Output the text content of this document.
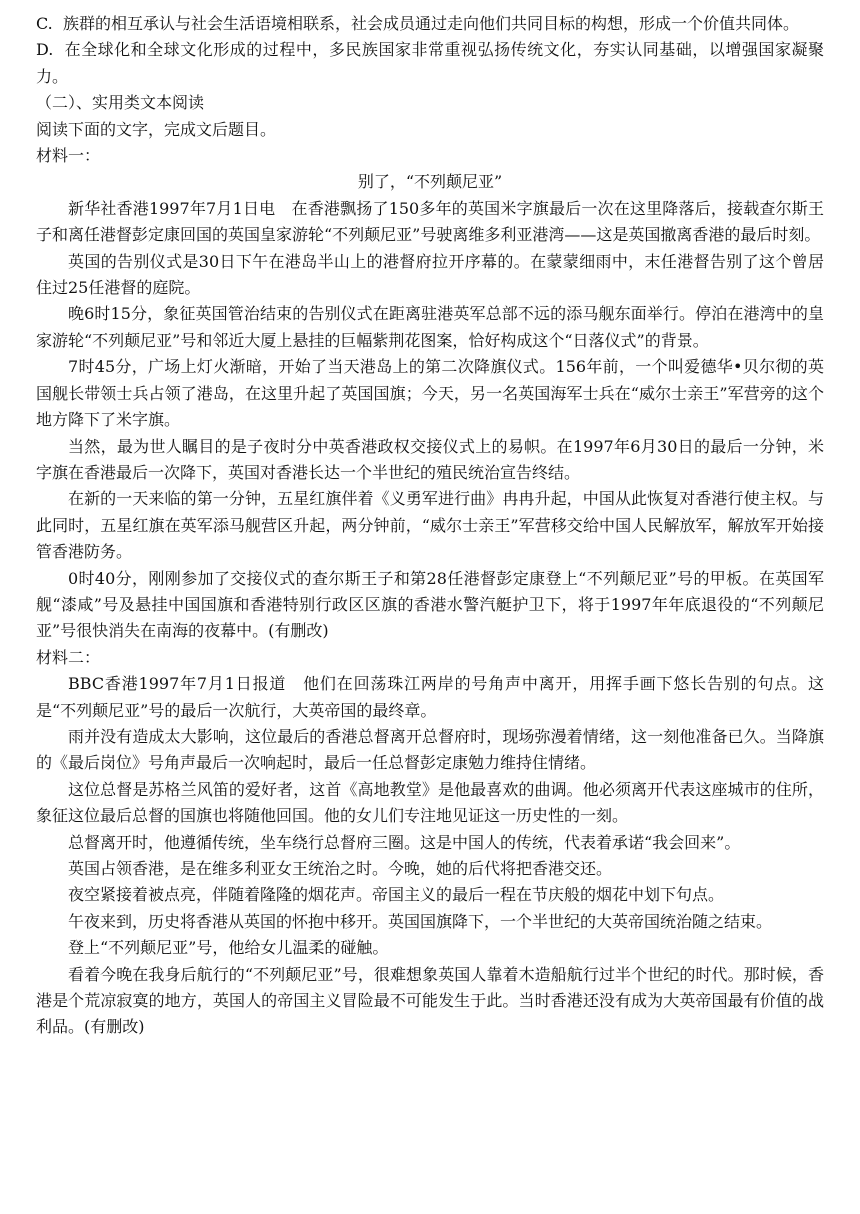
C. 族群的相互承认与社会生活语境相联系，社会成员通过走向他们共同目标的构想，形成一个价值共同体。

D. 在全球化和全球文化形成的过程中，多民族国家非常重视弘扬传统文化，夯实认同基础，以增强国家凝聚力。

（二）、实用类文本阅读

阅读下面的文字，完成文后题目。

材料一：

别了，“不列颠尼亚”

新华社香港1997年7月1日电　在香港飘扬了150多年的英国米字旗最后一次在这里降落后，接载查尔斯王子和离任港督彭定康回国的英国皇家游轮“不列颠尼亚”号驶离维多利亚港湾——这是英国撤离香港的最后时刻。

英国的告别仪式是30日下午在港岛半山上的港督府拉开序幕的。在蒙蒙细雨中，末任港督告别了这个曾居住过25任港督的庭院。

晚6时15分，象征英国管治结束的告别仪式在距离驻港英军总部不远的添马舰东面举行。停泊在港湾中的皇家游轮“不列颠尼亚”号和邻近大厦上悬挂的巨幅紫荆花图案，恰好构成这个“日落仪式”的背景。

7时45分，广场上灯火渐暗，开始了当天港岛上的第二次降旗仪式。156年前，一个叫爱德华•贝尔彻的英国舰长带领士兵占领了港岛，在这里升起了英国国旗；今天，另一名英国海军士兵在“威尔士亲王”军营旁的这个地方降下了米字旗。

当然，最为世人瞩目的是子夜时分中英香港政权交接仪式上的易帜。在1997年6月30日的最后一分钟，米字旗在香港最后一次降下，英国对香港长达一个半世纪的殖民统治宣告终结。

在新的一天来临的第一分钟，五星红旗伴着《义勇军进行曲》冉冉升起，中国从此恢复对香港行使主权。与此同时，五星红旗在英军添马舰营区升起，两分钟前，“威尔士亲王”军营移交给中国人民解放军，解放军开始接管香港防务。

0时40分，刚刚参加了交接仪式的查尔斯王子和第28任港督彭定康登上“不列颠尼亚”号的甲板。在英国军舰“漆咸”号及悬挂中国国旗和香港特别行政区区旗的香港水警汽艇护卫下，将于1997年年底退役的“不列颠尼亚”号很快消失在南海的夜幕中。(有删改)

材料二：

BBC香港1997年7月1日报道　他们在回荡珠江两岸的号角声中离开，用挥手画下悠长告别的句点。这是“不列颠尼亚”号的最后一次航行，大英帝国的最终章。

雨并没有造成太大影响，这位最后的香港总督离开总督府时，现场弥漫着情绪，这一刻他准备已久。当降旗的《最后岗位》号角声最后一次响起时，最后一任总督彭定康勉力维持住情绪。

这位总督是苏格兰风笛的爱好者，这首《高地教堂》是他最喜欢的曲调。他必须离开代表这座城市的住所，象征这位最后总督的国旗也将随他回国。他的女儿们专注地见证这一历史性的一刻。

总督离开时，他遵循传统，坐车绕行总督府三圈。这是中国人的传统，代表着承诺“我会回来”。

英国占领香港，是在维多利亚女王统治之时。今晚，她的后代将把香港交还。

夜空紧接着被点亮，伴随着隆隆的烟花声。帝国主义的最后一程在节庆般的烟花中划下句点。

午夜来到，历史将香港从英国的怀抱中移开。英国国旗降下，一个半世纪的大英帝国统治随之结束。

登上“不列颠尼亚”号，他给女儿温柔的碰触。

看着今晚在我身后航行的“不列颠尼亚”号，很难想象英国人靠着木造船航行过半个世纪的时代。那时候，香港是个荒凉寂寞的地方，英国人的帝国主义冒险最不可能发生于此。当时香港还没有成为大英帝国最有价值的战利品。(有删改)
